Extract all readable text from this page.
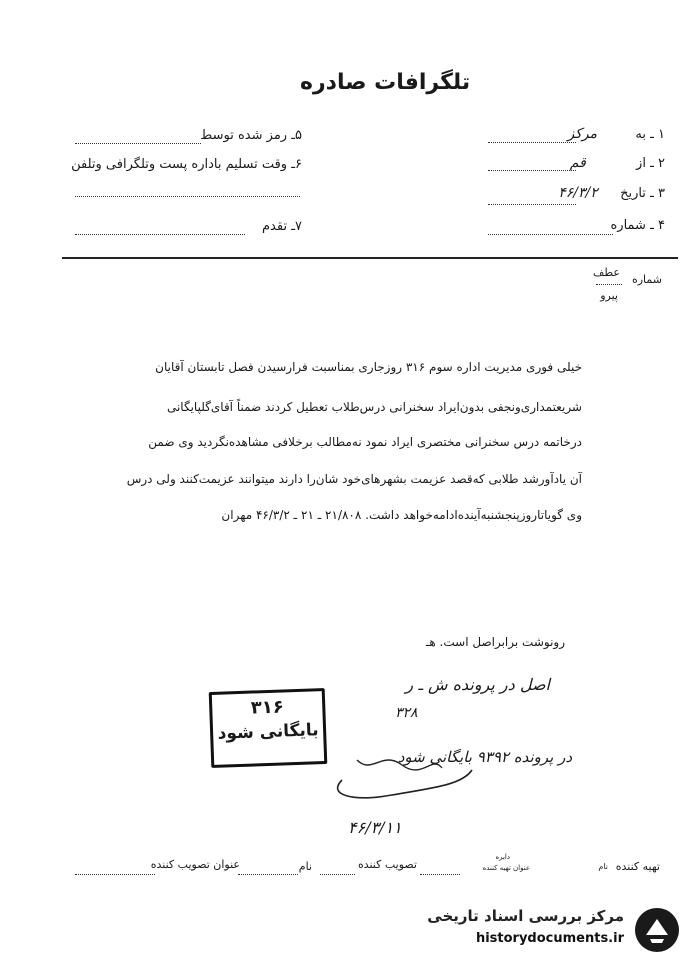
تلگرافات صادره
۱ ـ به  مرکز
۲ ـ از  قم
۳ ـ تاریخ  ۴۶/۳/۲
۴ ـ شماره
۵ـ رمز شده توسط
۶ـ وقت تسلیم باداره پست وتلگرافی وتلفن
۷ـ تقدم
شماره
عطف
پیرو
خیلی فوری مدیریت اداره سوم ۳۱۶ روزجاری بمناسبت فرارسیدن فصل تابستان آقایان
شریعتمداری‌ونجفی بدون‌ایراد سخنرانی درس‌طلاب تعطیل کردند ضمناً آقای‌گلپایگانی
درخاتمه درس سخنرانی مختصری ایراد نمود نه‌مطالب برخلافی مشاهده‌نگردید وی ضمن
آن یادآورشد طلابی که‌قصد عزیمت بشهرهای‌خود شان‌را دارند میتوانند عزیمت‌کنند ولی درس
وی گویاتاروزپنجشنبه‌آینده‌ادامه‌خواهد داشت. ۲۱/۸۰۸ ـ ۲۱ ـ ۴۶/۳/۲ مهران
رونوشت برابراصل است. هـ
اصل در پرونده ش ـ ر
۳۲۸
در پرونده ۹۳۹۲ بایگانی شود
۴۶/۳/۱۱
۳۱۶
بایگانی شود
تهیه کننده
نام
دایره
عنوان تهیه کننده
تصویب کننده
نام
عنوان تصویب کننده
مرکز بررسی اسناد تاریخی
historydocuments.ir
